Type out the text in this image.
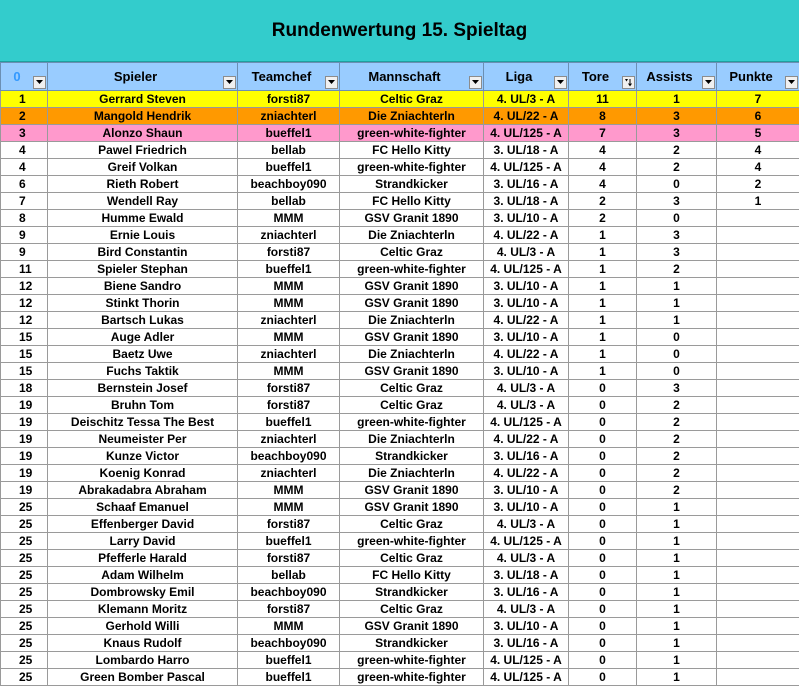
Rundenwertung 15. Spieltag
0	Spieler	Teamchef	Mannschaft	Liga	Tore	Assists	Punkte

1	Gerrard Steven	forsti87	Celtic Graz	4. UL/3 - A	11	1	7
2	Mangold Hendrik	zniachterl	Die Zniachterln	4. UL/22 - A	8	3	6
3	Alonzo Shaun	bueffel1	green-white-fighter	4. UL/125 - A	7	3	5
4	Pawel Friedrich	bellab	FC Hello Kitty	3. UL/18 - A	4	2	4
4	Greif Volkan	bueffel1	green-white-fighter	4. UL/125 - A	4	2	4
6	Rieth Robert	beachboy090	Strandkicker	3. UL/16 - A	4	0	2
7	Wendell Ray	bellab	FC Hello Kitty	3. UL/18 - A	2	3	1
8	Humme Ewald	MMM	GSV Granit 1890	3. UL/10 - A	2	0	
9	Ernie Louis	zniachterl	Die Zniachterln	4. UL/22 - A	1	3	
9	Bird Constantin	forsti87	Celtic Graz	4. UL/3 - A	1	3	
11	Spieler Stephan	bueffel1	green-white-fighter	4. UL/125 - A	1	2	
12	Biene Sandro	MMM	GSV Granit 1890	3. UL/10 - A	1	1	
12	Stinkt Thorin	MMM	GSV Granit 1890	3. UL/10 - A	1	1	
12	Bartsch Lukas	zniachterl	Die Zniachterln	4. UL/22 - A	1	1	
15	Auge Adler	MMM	GSV Granit 1890	3. UL/10 - A	1	0	
15	Baetz Uwe	zniachterl	Die Zniachterln	4. UL/22 - A	1	0	
15	Fuchs Taktik	MMM	GSV Granit 1890	3. UL/10 - A	1	0	
18	Bernstein Josef	forsti87	Celtic Graz	4. UL/3 - A	0	3	
19	Bruhn Tom	forsti87	Celtic Graz	4. UL/3 - A	0	2	
19	Deischitz Tessa The Best	bueffel1	green-white-fighter	4. UL/125 - A	0	2	
19	Neumeister Per	zniachterl	Die Zniachterln	4. UL/22 - A	0	2	
19	Kunze Victor	beachboy090	Strandkicker	3. UL/16 - A	0	2	
19	Koenig Konrad	zniachterl	Die Zniachterln	4. UL/22 - A	0	2	
19	Abrakadabra Abraham	MMM	GSV Granit 1890	3. UL/10 - A	0	2	
25	Schaaf Emanuel	MMM	GSV Granit 1890	3. UL/10 - A	0	1	
25	Effenberger David	forsti87	Celtic Graz	4. UL/3 - A	0	1	
25	Larry David	bueffel1	green-white-fighter	4. UL/125 - A	0	1	
25	Pfefferle Harald	forsti87	Celtic Graz	4. UL/3 - A	0	1	
25	Adam Wilhelm	bellab	FC Hello Kitty	3. UL/18 - A	0	1	
25	Dombrowsky Emil	beachboy090	Strandkicker	3. UL/16 - A	0	1	
25	Klemann Moritz	forsti87	Celtic Graz	4. UL/3 - A	0	1	
25	Gerhold Willi	MMM	GSV Granit 1890	3. UL/10 - A	0	1	
25	Knaus Rudolf	beachboy090	Strandkicker	3. UL/16 - A	0	1	
25	Lombardo Harro	bueffel1	green-white-fighter	4. UL/125 - A	0	1	
25	Green Bomber Pascal	bueffel1	green-white-fighter	4. UL/125 - A	0	1	
